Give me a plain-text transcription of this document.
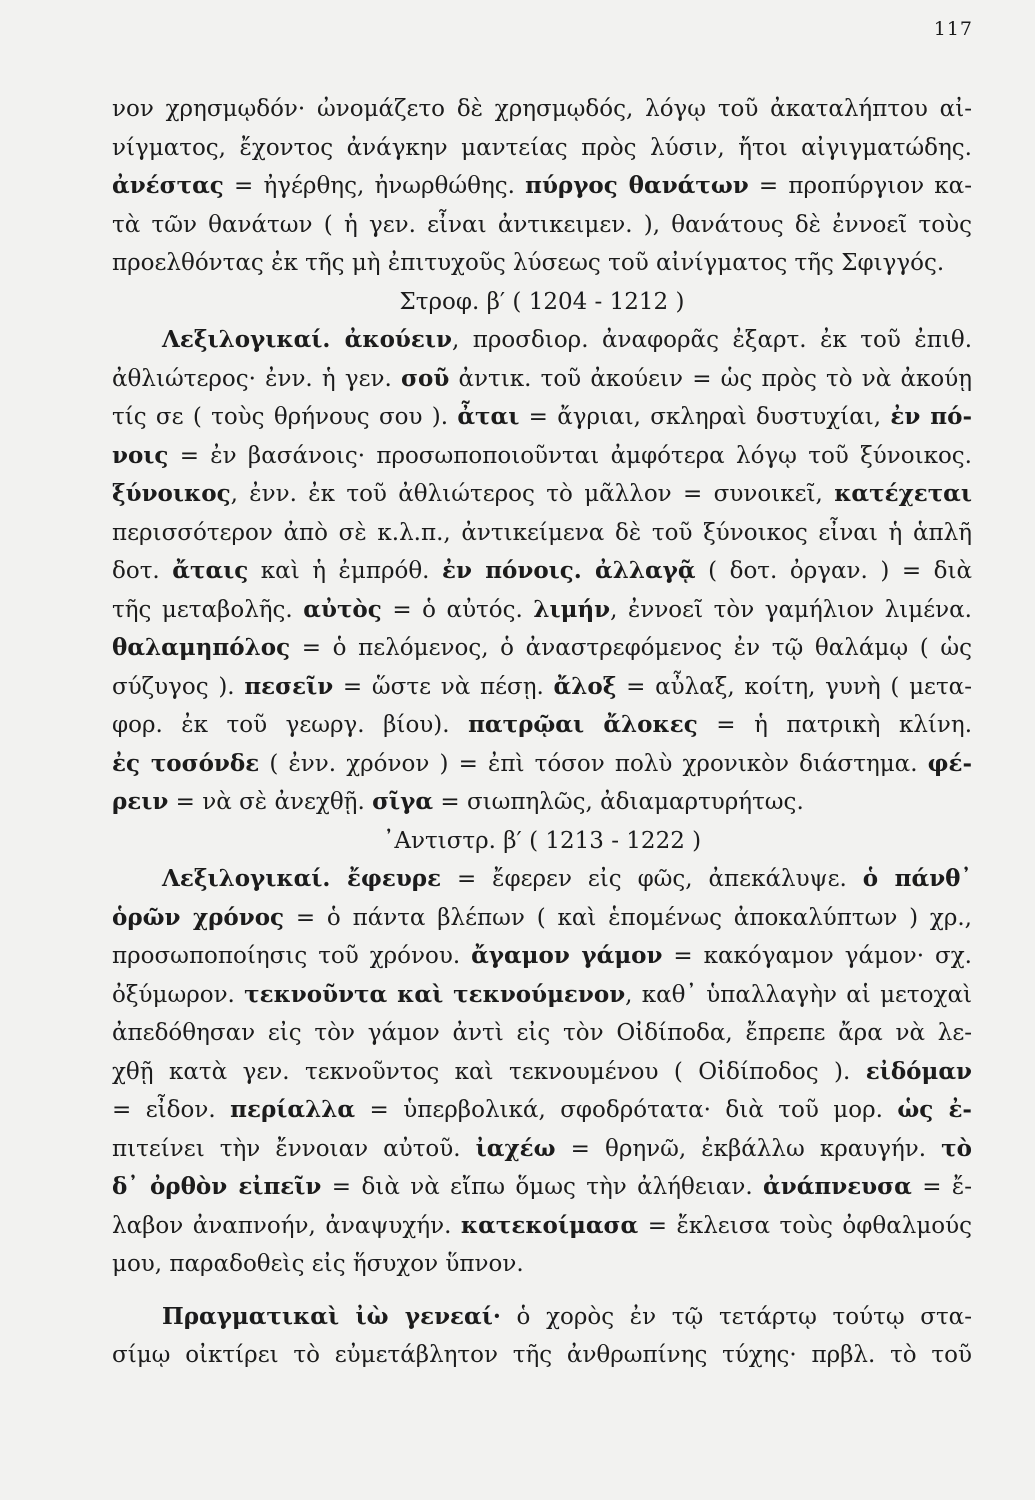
117
νον χρησμῳδόν· ὠνομάζετο δὲ χρησμῳδός, λόγῳ τοῦ ἀκαταλήπτου αἰ-
νίγματος, ἔχοντος ἀνάγκην μαντείας πρὸς λύσιν, ἤτοι αἰγιγματώδης.
ἀνέστας = ἠγέρθης, ἠνωρθώθης. πύργος θανάτων = προπύργιον κα-
τὰ τῶν θανάτων ( ἡ γεν. εἶναι ἀντικειμεν. ), θανάτους δὲ ἐννοεῖ τοὺς
προελθόντας ἐκ τῆς μὴ ἐπιτυχοῦς λύσεως τοῦ αἰνίγματος τῆς Σφιγγός.
Στροφ. β′ ( 1204 - 1212 )
Λεξιλογικαί. ἀκούειν, προσδιορ. ἀναφορᾶς ἐξαρτ. ἐκ τοῦ ἐπιθ.
ἀθλιώτερος· ἐνν. ἡ γεν. σοῦ ἀντικ. τοῦ ἀκούειν = ὡς πρὸς τὸ νὰ ἀκούῃ
τίς σε ( τοὺς θρήνους σου ). ἆται = ἄγριαι, σκληραὶ δυστυχίαι, ἐν πό-
νοις = ἐν βασάνοις· προσωποποιοῦνται ἀμφότερα λόγῳ τοῦ ξύνοικος.
ξύνοικος, ἐνν. ἐκ τοῦ ἀθλιώτερος τὸ μᾶλλον = συνοικεῖ, κατέχεται
περισσότερον ἀπὸ σὲ κ.λ.π., ἀντικείμενα δὲ τοῦ ξύνοικος εἶναι ἡ ἁπλῆ
δοτ. ἄταις καὶ ἡ ἐμπρόθ. ἐν πόνοις. ἀλλαγᾷ ( δοτ. ὀργαν. ) = διὰ
τῆς μεταβολῆς. αὐτὸς = ὁ αὐτός. λιμήν, ἐννοεῖ τὸν γαμήλιον λιμένα.
θαλαμηπόλος = ὁ πελόμενος, ὁ ἀναστρεφόμενος ἐν τῷ θαλάμῳ ( ὡς
σύζυγος ). πεσεῖν = ὥστε νὰ πέσῃ. ἄλοξ = αὖλαξ, κοίτη, γυνὴ ( μετα-
φορ. ἐκ τοῦ γεωργ. βίου). πατρῷαι ἄλοκες = ἡ πατρικὴ κλίνη.
ἐς τοσόνδε ( ἐνν. χρόνον ) = ἐπὶ τόσον πολὺ χρονικὸν διάστημα. φέ-
ρειν = νὰ σὲ ἀνεχθῇ. σῖγα = σιωπηλῶς, ἀδιαμαρτυρήτως.
᾿Αντιστρ. β′ ( 1213 - 1222 )
Λεξιλογικαί. ἔφευρε = ἔφερεν εἰς φῶς, ἀπεκάλυψε. ὁ πάνθ᾿
ὁρῶν χρόνος = ὁ πάντα βλέπων ( καὶ ἑπομένως ἀποκαλύπτων ) χρ.,
προσωποποίησις τοῦ χρόνου. ἄγαμον γάμον = κακόγαμον γάμον· σχ.
ὀξύμωρον. τεκνοῦντα καὶ τεκνούμενον, καθ᾿ ὑπαλλαγὴν αἱ μετοχαὶ
ἀπεδόθησαν εἰς τὸν γάμον ἀντὶ εἰς τὸν Οἰδίποδα, ἔπρεπε ἄρα νὰ λε-
χθῇ κατὰ γεν. τεκνοῦντος καὶ τεκνουμένου ( Οἰδίποδος ). εἰδόμαν
= εἶδον. περίαλλα = ὑπερβολικά, σφοδρότατα· διὰ τοῦ μορ. ὡς ἐ-
πιτείνει τὴν ἔννοιαν αὐτοῦ. ἰαχέω = θρηνῶ, ἐκβάλλω κραυγήν. τὸ
δ᾿ ὀρθὸν εἰπεῖν = διὰ νὰ εἴπω ὅμως τὴν ἀλήθειαν. ἀνάπνευσα = ἔ-
λαβον ἀναπνοήν, ἀναψυχήν. κατεκοίμασα = ἔκλεισα τοὺς ὀφθαλμούς
μου, παραδοθεὶς εἰς ἥσυχον ὕπνον.
Πραγματικαὶ ἰὼ γενεαί· ὁ χορὸς ἐν τῷ τετάρτῳ τούτῳ στα-
σίμῳ οἰκτίρει τὸ εὐμετάβλητον τῆς ἀνθρωπίνης τύχης· πρβλ. τὸ τοῦ
